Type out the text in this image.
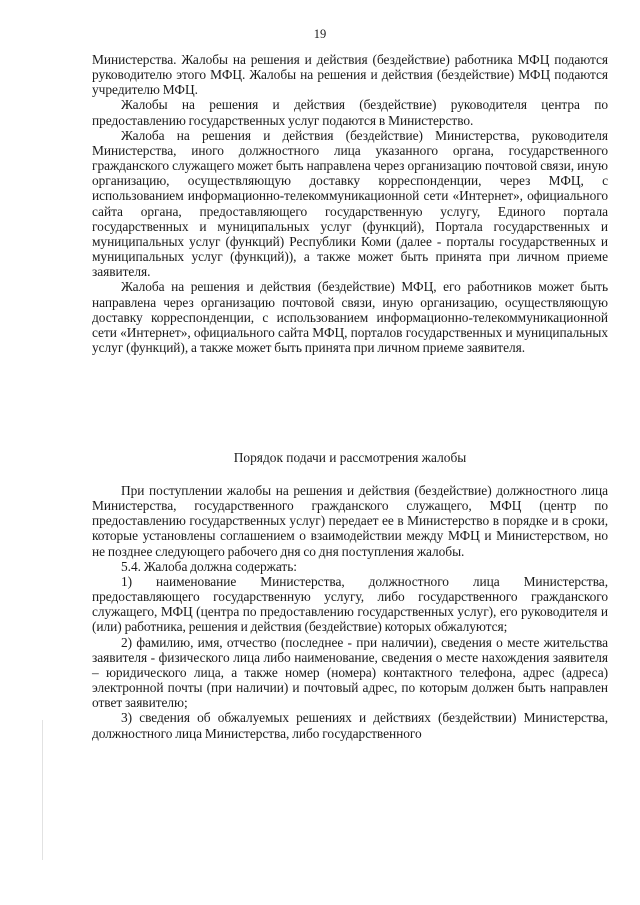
19

Министерства. Жалобы на решения и действия (бездействие) работника МФЦ подаются руководителю этого МФЦ. Жалобы на решения и действия (бездействие) МФЦ подаются учредителю МФЦ.

Жалобы на решения и действия (бездействие) руководителя центра по предоставлению государственных услуг подаются в Министерство.

Жалоба на решения и действия (бездействие) Министерства, руководителя Министерства, иного должностного лица указанного органа, государственного гражданского служащего может быть направлена через организацию почтовой связи, иную организацию, осуществляющую доставку корреспонденции, через МФЦ, с использованием информационно-телекоммуникационной сети «Интернет», официального сайта органа, предоставляющего государственную услугу, Единого портала государственных и муниципальных услуг (функций), Портала государственных и муниципальных услуг (функций) Республики Коми (далее - порталы государственных и муниципальных услуг (функций)), а также может быть принята при личном приеме заявителя.

Жалоба на решения и действия (бездействие) МФЦ, его работников может быть направлена через организацию почтовой связи, иную организацию, осуществляющую доставку корреспонденции, с использованием информационно-телекоммуникационной сети «Интернет», официального сайта МФЦ, порталов государственных и муниципальных услуг (функций), а также может быть принята при личном приеме заявителя.

Порядок подачи и рассмотрения жалобы

При поступлении жалобы на решения и действия (бездействие) должностного лица Министерства, государственного гражданского служащего, МФЦ (центр по предоставлению государственных услуг) передает ее в Министерство в порядке и в сроки, которые установлены соглашением о взаимодействии между МФЦ и Министерством, но не позднее следующего рабочего дня со дня поступления жалобы.

5.4. Жалоба должна содержать:

1) наименование Министерства, должностного лица Министерства, предоставляющего государственную услугу, либо государственного гражданского служащего, МФЦ (центра по предоставлению государственных услуг), его руководителя и (или) работника, решения и действия (бездействие) которых обжалуются;

2) фамилию, имя, отчество (последнее - при наличии), сведения о месте жительства заявителя - физического лица либо наименование, сведения о месте нахождения заявителя – юридического лица, а также номер (номера) контактного телефона, адрес (адреса) электронной почты (при наличии) и почтовый адрес, по которым должен быть направлен ответ заявителю;

3) сведения об обжалуемых решениях и действиях (бездействии) Министерства, должностного лица Министерства, либо государственного
